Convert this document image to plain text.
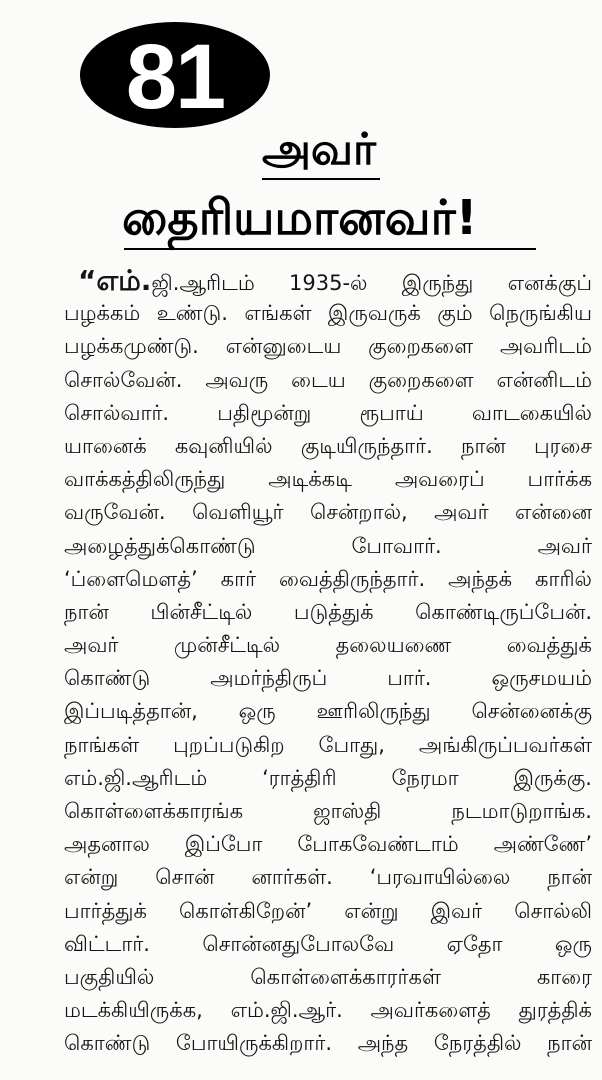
81
அவர்
தைரியமானவர்!
“எம்.ஜி.ஆரிடம் 1935-ல் இருந்து எனக்குப்
பழக்கம் உண்டு. எங்கள் இருவருக் கும் நெருங்கிய
பழக்கமுண்டு. என்னுடைய குறைகளை அவரிடம்
சொல்வேன். அவரு டைய குறைகளை என்னிடம்
சொல்வார். பதிமூன்று ரூபாய் வாடகையில்
யானைக் கவுனியில் குடியிருந்தார். நான் புரசை
வாக்கத்திலிருந்து அடிக்கடி அவரைப் பார்க்க
வருவேன். வெளியூர் சென்றால், அவர் என்னை
அழைத்துக்கொண்டு போவார். அவர்
‘ப்ளைமௌத்’ கார் வைத்திருந்தார். அந்தக் காரில்
நான் பின்சீட்டில் படுத்துக் கொண்டிருப்பேன்.
அவர் முன்சீட்டில் தலையணை வைத்துக்
கொண்டு அமர்ந்திருப் பார். ஒருசமயம்
இப்படித்தான், ஒரு ஊரிலிருந்து சென்னைக்கு
நாங்கள் புறப்படுகிற போது, அங்கிருப்பவர்கள்
எம்.ஜி.ஆரிடம் ‘ராத்திரி நேரமா இருக்கு.
கொள்ளைக்காரங்க ஜாஸ்தி நடமாடுறாங்க.
அதனால இப்போ போகவேண்டாம் அண்ணே’
என்று சொன் னார்கள். ‘பரவாயில்லை நான்
பார்த்துக் கொள்கிறேன்’ என்று இவர் சொல்லி
விட்டார். சொன்னதுபோலவே ஏதோ ஒரு
பகுதியில் கொள்ளைக்காரர்கள் காரை
மடக்கியிருக்க, எம்.ஜி.ஆர். அவர்களைத் துரத்திக்
கொண்டு போயிருக்கிறார். அந்த நேரத்தில் நான்
